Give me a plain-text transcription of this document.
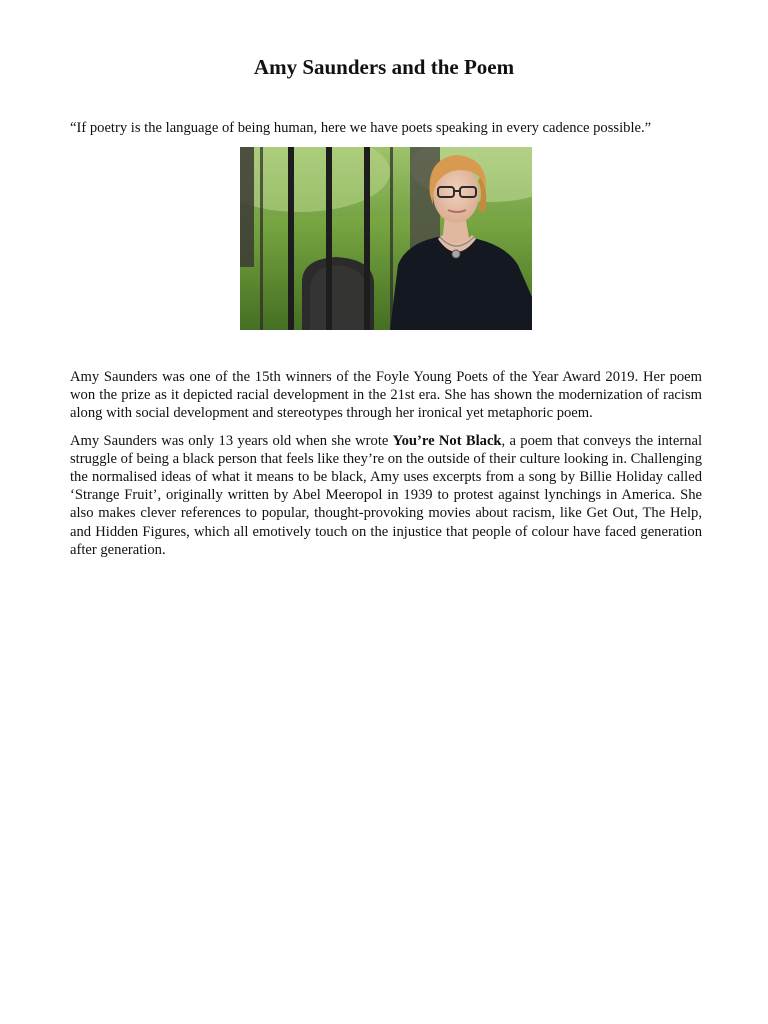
Amy Saunders and the Poem

“If poetry is the language of being human, here we have poets speaking in every cadence possible.”

Amy Saunders was one of the 15th winners of the Foyle Young Poets of the Year Award 2019. Her poem won the prize as it depicted racial development in the 21st era. She has shown the modernization of racism along with social development and stereotypes through her ironical yet metaphoric poem.

Amy Saunders was only 13 years old when she wrote You’re Not Black, a poem that conveys the internal struggle of being a black person that feels like they’re on the outside of their culture looking in. Challenging the normalised ideas of what it means to be black, Amy uses excerpts from a song by Billie Holiday called ‘Strange Fruit’, originally written by Abel Meeropol in 1939 to protest against lynchings in America. She also makes clever references to popular, thought-provoking movies about racism, like Get Out, The Help, and Hidden Figures, which all emotively touch on the injustice that people of colour have faced generation after generation.
